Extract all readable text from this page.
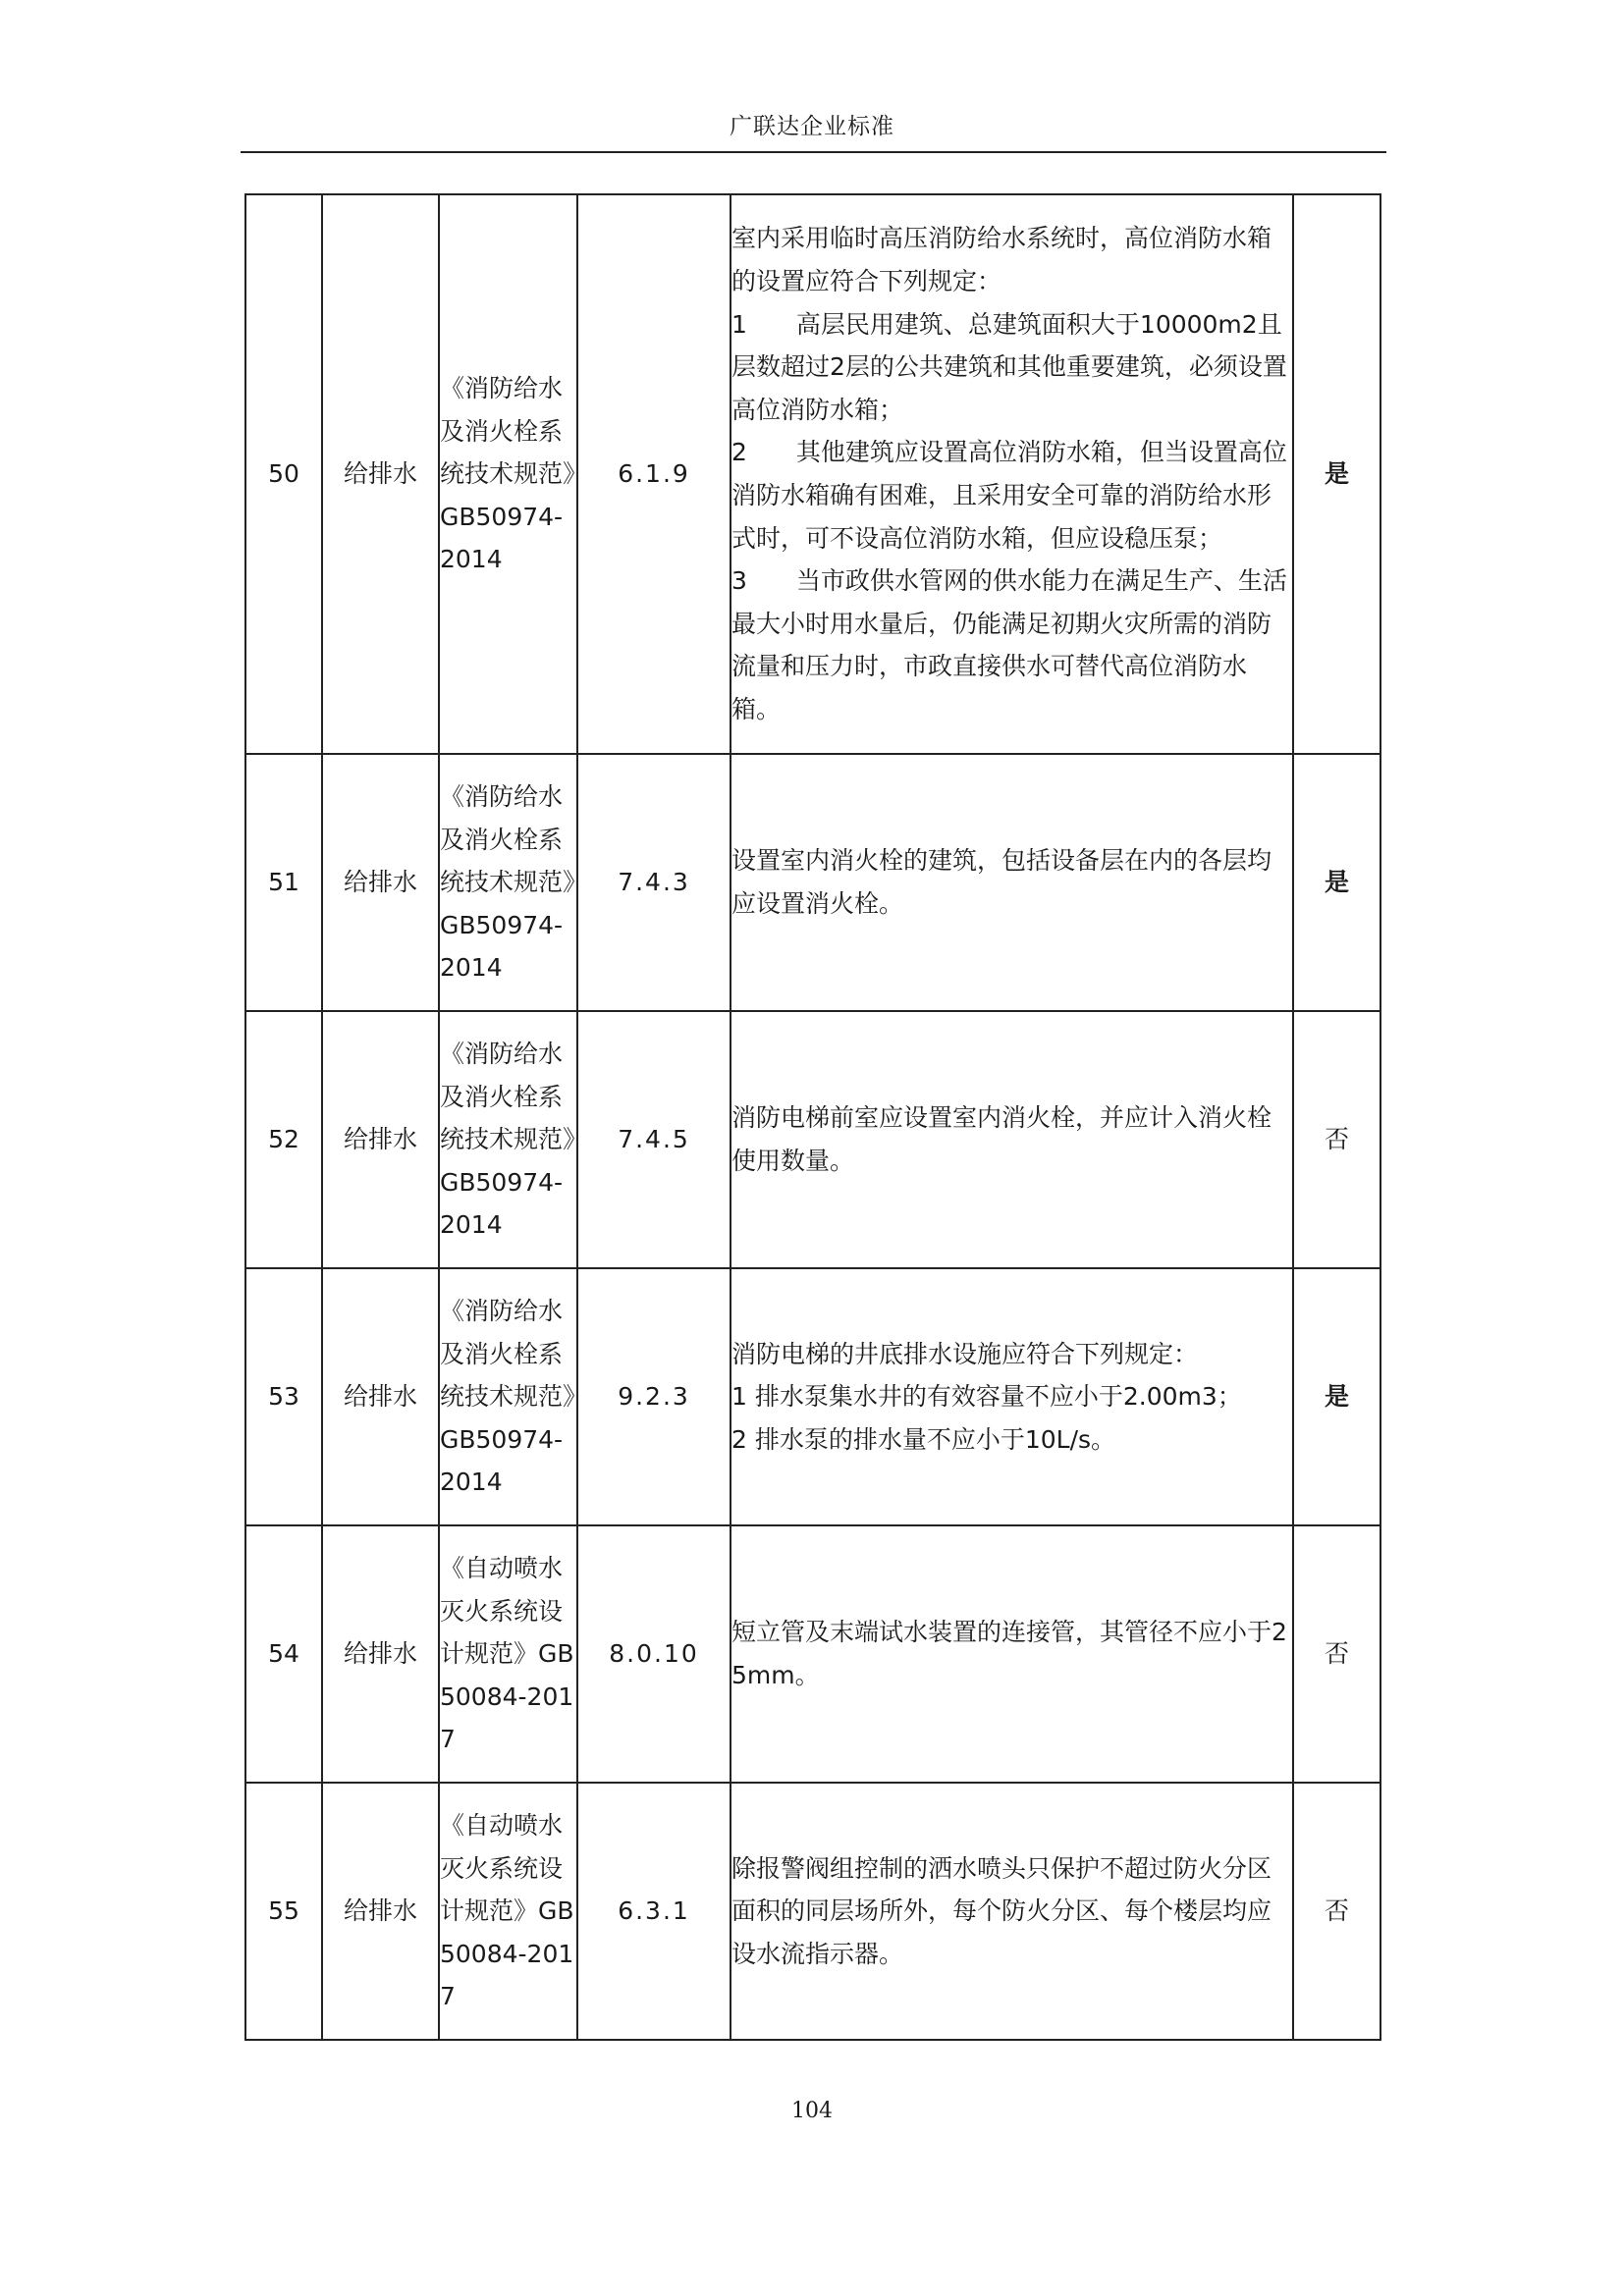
广联达企业标准
50	给排水	《消防给水及消火栓系统技术规范》GB50974-2014	6.1.9	室内采用临时高压消防给水系统时，高位消防水箱的设置应符合下列规定：
1　　高层民用建筑、总建筑面积大于10000m2且层数超过2层的公共建筑和其他重要建筑，必须设置高位消防水箱；
2　　其他建筑应设置高位消防水箱，但当设置高位消防水箱确有困难，且采用安全可靠的消防给水形式时，可不设高位消防水箱，但应设稳压泵；
3　　当市政供水管网的供水能力在满足生产、生活最大小时用水量后，仍能满足初期火灾所需的消防流量和压力时，市政直接供水可替代高位消防水箱。	是
51	给排水	《消防给水及消火栓系统技术规范》GB50974-2014	7.4.3	设置室内消火栓的建筑，包括设备层在内的各层均应设置消火栓。	是
52	给排水	《消防给水及消火栓系统技术规范》GB50974-2014	7.4.5	消防电梯前室应设置室内消火栓，并应计入消火栓使用数量。	否
53	给排水	《消防给水及消火栓系统技术规范》GB50974-2014	9.2.3	消防电梯的井底排水设施应符合下列规定：
1 排水泵集水井的有效容量不应小于2.00m3；
2 排水泵的排水量不应小于10L/s。	是
54	给排水	《自动喷水灭火系统设计规范》GB50084-2017	8.0.10	短立管及末端试水装置的连接管，其管径不应小于25mm。	否
55	给排水	《自动喷水灭火系统设计规范》GB50084-2017	6.3.1	除报警阀组控制的洒水喷头只保护不超过防火分区面积的同层场所外，每个防火分区、每个楼层均应设水流指示器。	否
104
